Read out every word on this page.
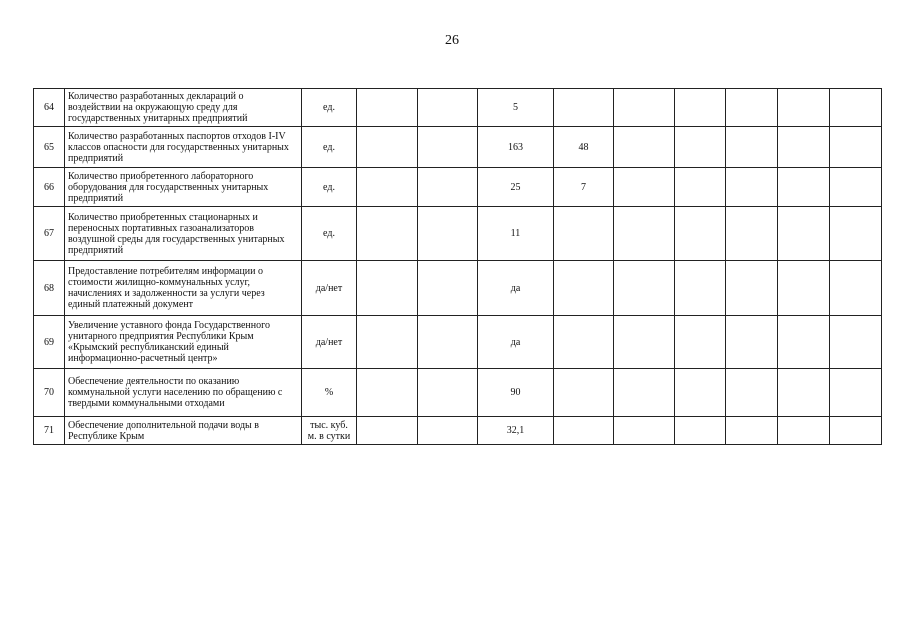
26
64	Количество разработанных деклараций о воздействии на окружающую среду для государственных унитарных предприятий	ед.			5						
65	Количество разработанных паспортов отходов I-IV классов опасности для государственных унитарных предприятий	ед.			163	48					
66	Количество приобретенного лабораторного оборудования для государственных унитарных предприятий	ед.			25	7					
67	Количество приобретенных стационарных и переносных портативных газоанализаторов воздушной среды для государственных унитарных предприятий	ед.			11						
68	Предоставление потребителям информации о стоимости жилищно-коммунальных услуг, начислениях и задолженности за услуги через единый платежный документ	да/нет			да						
69	Увеличение уставного фонда Государственного унитарного предприятия Республики Крым «Крымский республиканский единый информационно-расчетный центр»	да/нет			да						
70	Обеспечение деятельности по оказанию коммунальной услуги населению по обращению с твердыми коммунальными отходами	%			90						
71	Обеспечение дополнительной подачи воды в Республике Крым	тыс. куб. м. в сутки			32,1						
